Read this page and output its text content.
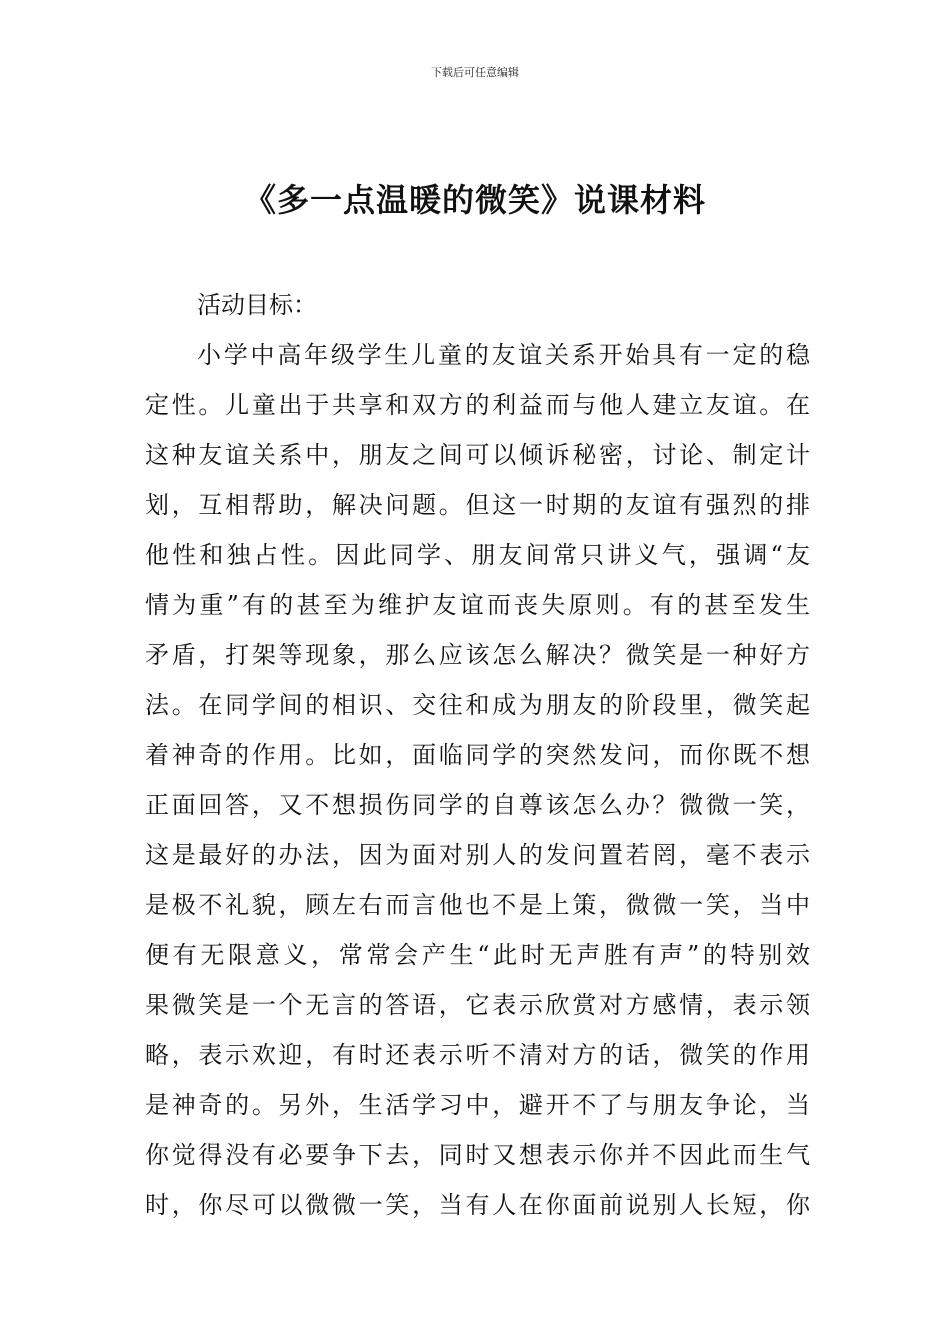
下载后可任意编辑
《多一点温暖的微笑》说课材料

活动目标：

小学中高年级学生儿童的友谊关系开始具有一定的稳
定性。儿童出于共享和双方的利益而与他人建立友谊。在
这种友谊关系中，朋友之间可以倾诉秘密，讨论、制定计
划，互相帮助，解决问题。但这一时期的友谊有强烈的排
他性和独占性。因此同学、朋友间常只讲义气，强调“友
情为重”有的甚至为维护友谊而丧失原则。有的甚至发生
矛盾，打架等现象，那么应该怎么解决？微笑是一种好方
法。在同学间的相识、交往和成为朋友的阶段里，微笑起
着神奇的作用。比如，面临同学的突然发问，而你既不想
正面回答，又不想损伤同学的自尊该怎么办？微微一笑，
这是最好的办法，因为面对别人的发问置若罔，毫不表示
是极不礼貌，顾左右而言他也不是上策，微微一笑，当中
便有无限意义，常常会产生“此时无声胜有声”的特别效
果微笑是一个无言的答语，它表示欣赏对方感情，表示领
略，表示欢迎，有时还表示听不清对方的话，微笑的作用
是神奇的。另外，生活学习中，避开不了与朋友争论，当
你觉得没有必要争下去，同时又想表示你并不因此而生气
时，你尽可以微微一笑，当有人在你面前说别人长短，你
